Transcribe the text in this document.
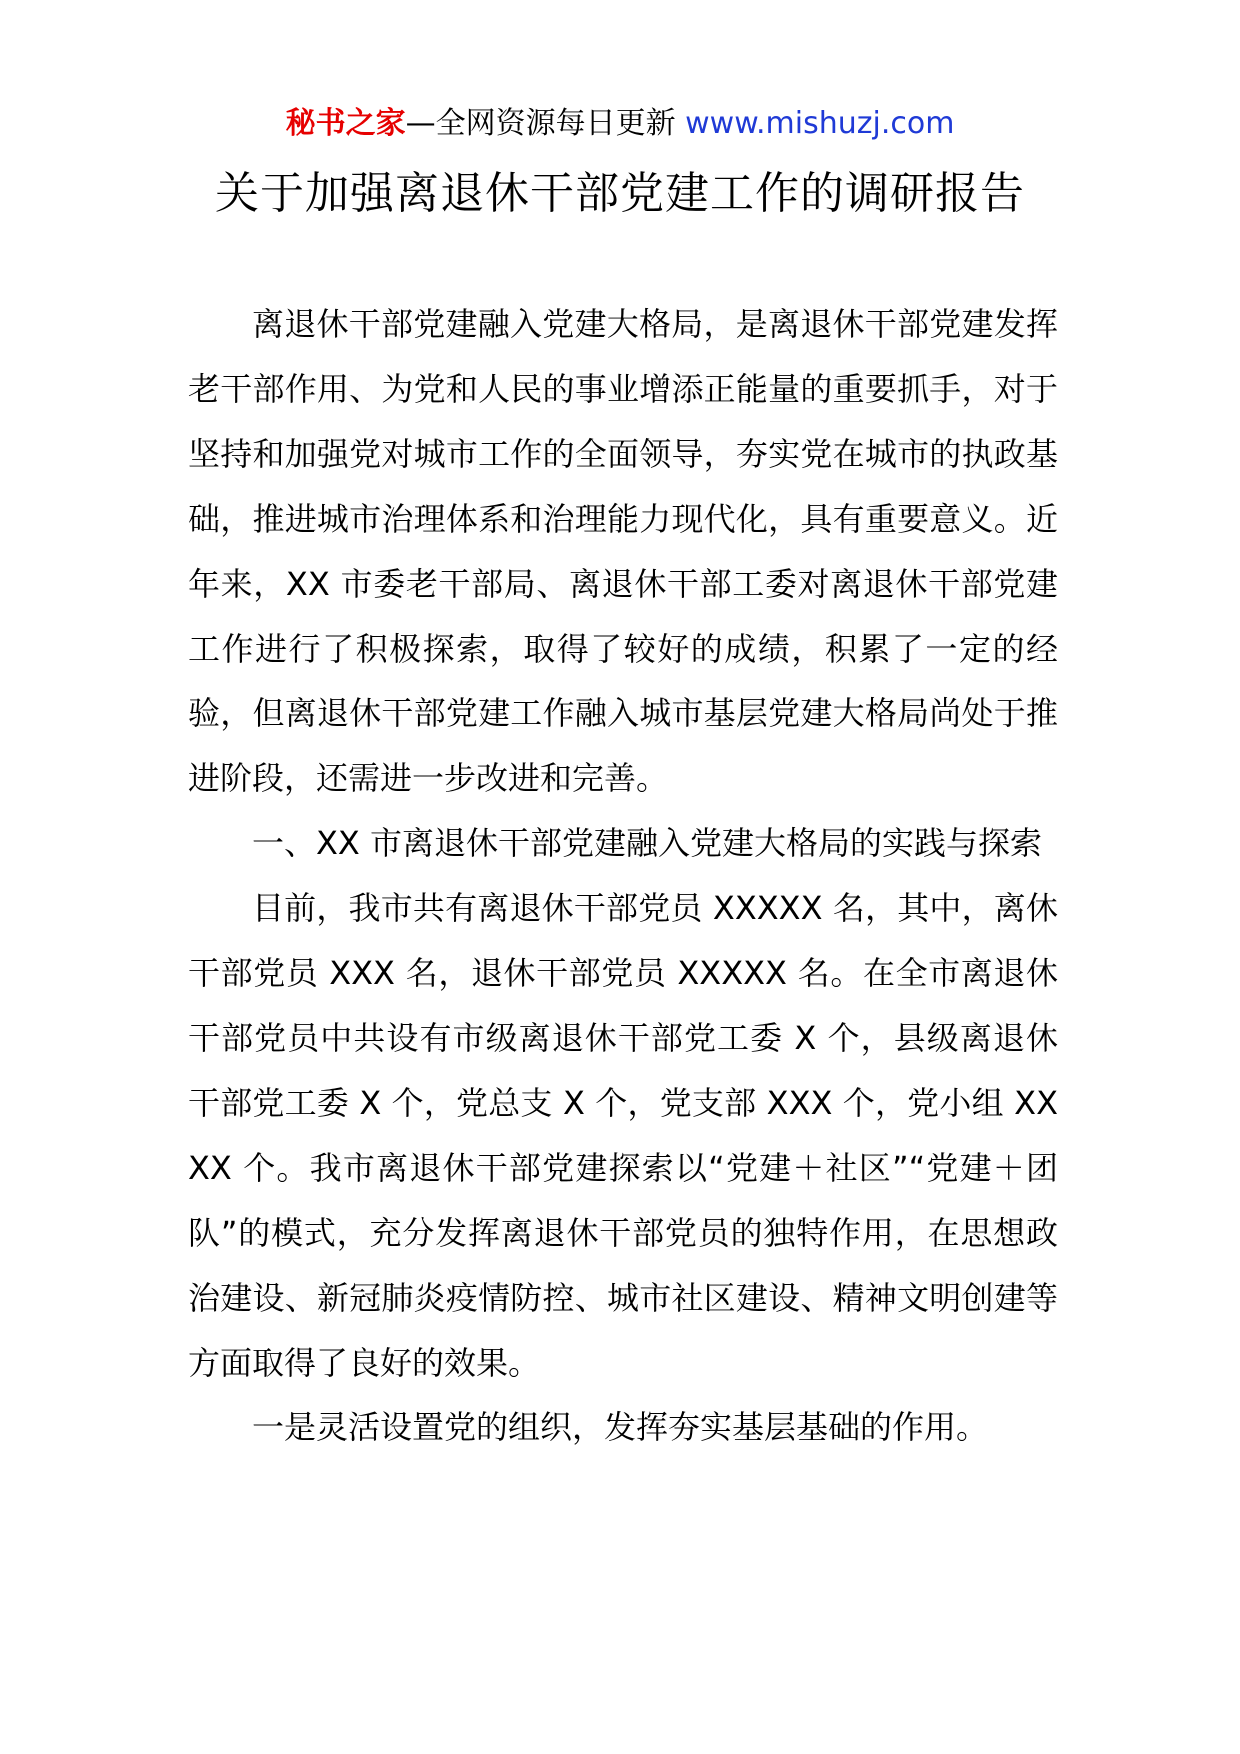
秘书之家—全网资源每日更新 www.mishuzj.com
关于加强离退休干部党建工作的调研报告

离退休干部党建融入党建大格局，是离退休干部党建发挥老干部作用、为党和人民的事业增添正能量的重要抓手，对于坚持和加强党对城市工作的全面领导，夯实党在城市的执政基础，推进城市治理体系和治理能力现代化，具有重要意义。近年来，XX 市委老干部局、离退休干部工委对离退休干部党建工作进行了积极探索，取得了较好的成绩，积累了一定的经验，但离退休干部党建工作融入城市基层党建大格局尚处于推进阶段，还需进一步改进和完善。

一、XX 市离退休干部党建融入党建大格局的实践与探索

目前，我市共有离退休干部党员 XXXXX 名，其中，离休干部党员 XXX 名，退休干部党员 XXXXX 名。在全市离退休干部党员中共设有市级离退休干部党工委 X 个，县级离退休干部党工委 X 个，党总支 X 个，党支部 XXX 个，党小组 XXXX 个。我市离退休干部党建探索以“党建＋社区”“党建＋团队”的模式，充分发挥离退休干部党员的独特作用，在思想政治建设、新冠肺炎疫情防控、城市社区建设、精神文明创建等方面取得了良好的效果。

一是灵活设置党的组织，发挥夯实基层基础的作用。
